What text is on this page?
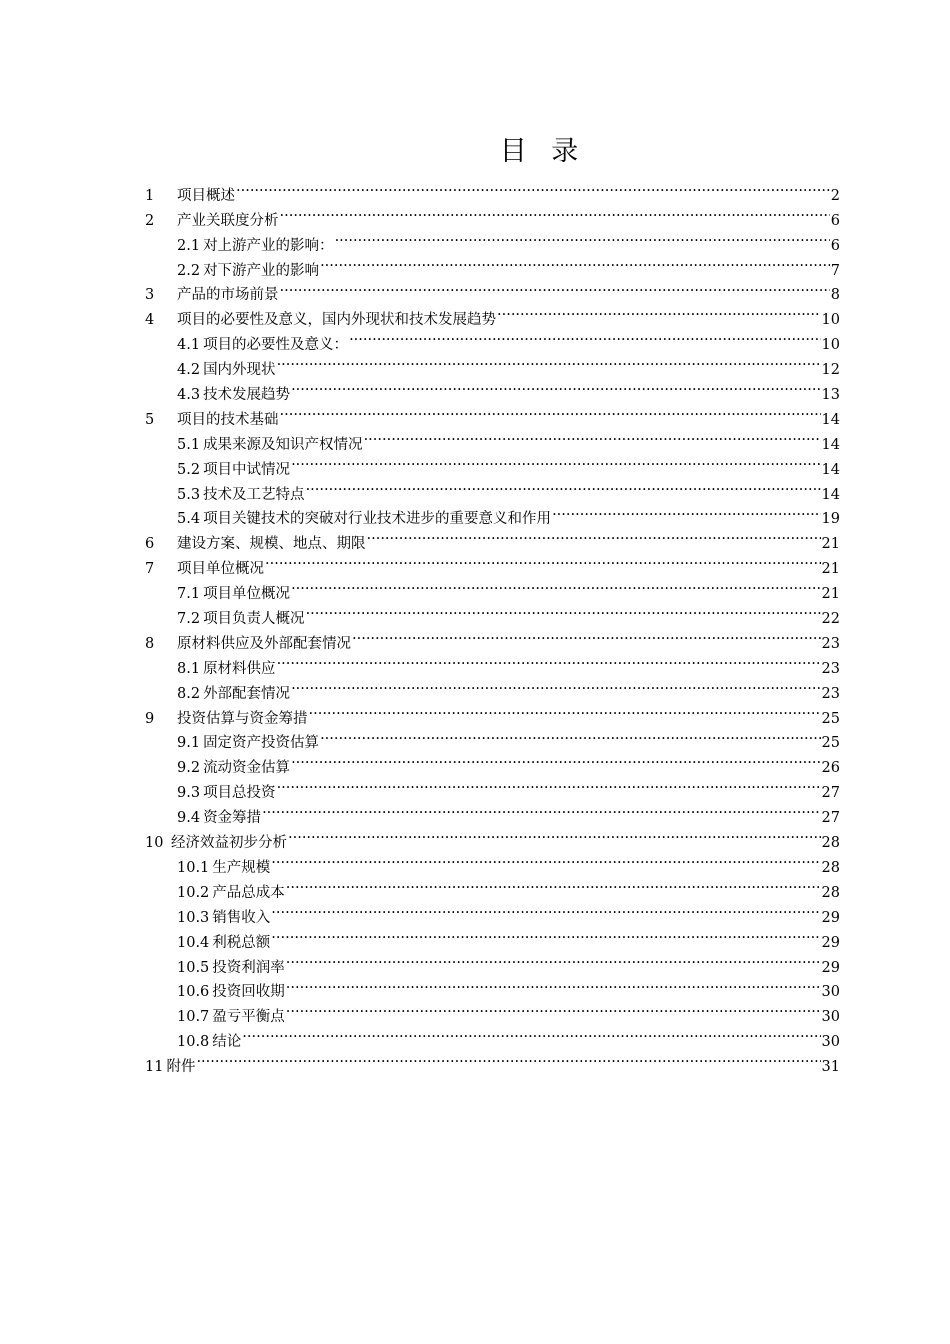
目 录
1	项目概述 .....	2
2	产业关联度分析 .....	6
2.1 对上游产业的影响： .....	6
2.2 对下游产业的影响 .....	7
3	产品的市场前景 .....	8
4	项目的必要性及意义，国内外现状和技术发展趋势 .....	10
4.1 项目的必要性及意义： .....	10
4.2 国内外现状 .....	12
4.3 技术发展趋势 .....	13
5	项目的技术基础 .....	14
5.1 成果来源及知识产权情况 .....	14
5.2 项目中试情况 .....	14
5.3 技术及工艺特点 .....	14
5.4 项目关键技术的突破对行业技术进步的重要意义和作用 .....	19
6	建设方案、规模、地点、期限 .....	21
7	项目单位概况 .....	21
7.1 项目单位概况 .....	21
7.2 项目负责人概况 .....	22
8	原材料供应及外部配套情况 .....	23
8.1 原材料供应 .....	23
8.2 外部配套情况 .....	23
9	投资估算与资金筹措 .....	25
9.1 固定资产投资估算 .....	25
9.2 流动资金估算 .....	26
9.3 项目总投资 .....	27
9.4 资金筹措 .....	27
10 经济效益初步分析 .....	28
10.1 生产规模 .....	28
10.2 产品总成本 .....	28
10.3 销售收入 .....	29
10.4 利税总额 .....	29
10.5 投资利润率 .....	29
10.6 投资回收期 .....	30
10.7 盈亏平衡点 .....	30
10.8 结论 .....	30
11 附件 .....	31
